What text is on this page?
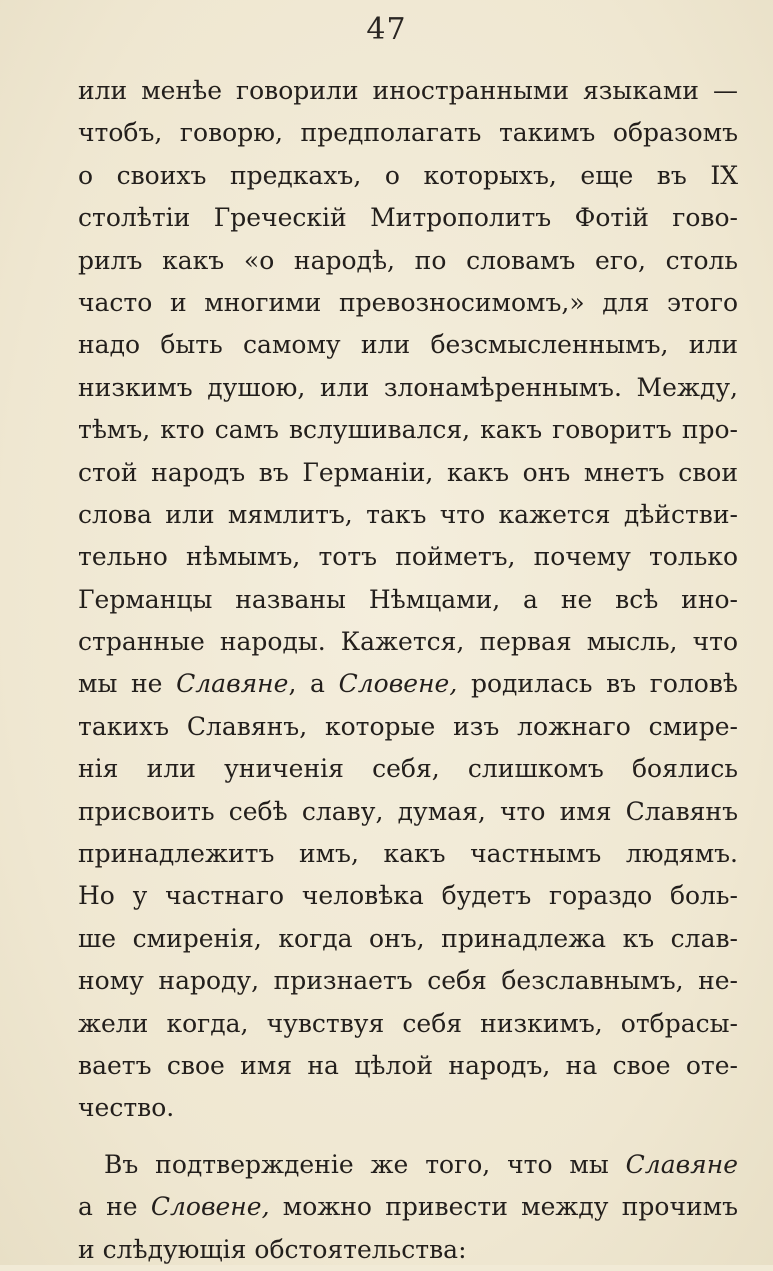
47
или менѣе говорили иностранными языками —
чтобъ, говорю, предполагать такимъ образомъ
о своихъ предкахъ, о которыхъ, еще въ IX
столѣтіи Греческій Митрополитъ Фотій гово-
рилъ какъ «о народѣ, по словамъ его, столь
часто и многими превозносимомъ,» для этого
надо быть самому или безсмысленнымъ, или
низкимъ душою, или злонамѣреннымъ. Между,
тѣмъ, кто самъ вслушивался, какъ говоритъ про-
стой народъ въ Германіи, какъ онъ мнетъ свои
слова или мямлитъ, такъ что кажется дѣйстви-
тельно нѣмымъ, тотъ пойметъ, почему только
Германцы названы Нѣмцами, а не всѣ ино-
странные народы. Кажется, первая мысль, что
мы не Славяне, а Словене, родилась въ головѣ
такихъ Славянъ, которые изъ ложнаго смире-
нія или униченія себя, слишкомъ боялись
присвоить себѣ славу, думая, что имя Славянъ
принадлежитъ имъ, какъ частнымъ людямъ.
Но у частнаго человѣка будетъ гораздо боль-
ше смиренія, когда онъ, принадлежа къ слав-
ному народу, признаетъ себя безславнымъ, не-
жели когда, чувствуя себя низкимъ, отбрасы-
ваетъ свое имя на цѣлой народъ, на свое оте-
чество.
Въ подтвержденіе же того, что мы Славяне
а не Словене, можно привести между прочимъ
и слѣдующія обстоятельства:
